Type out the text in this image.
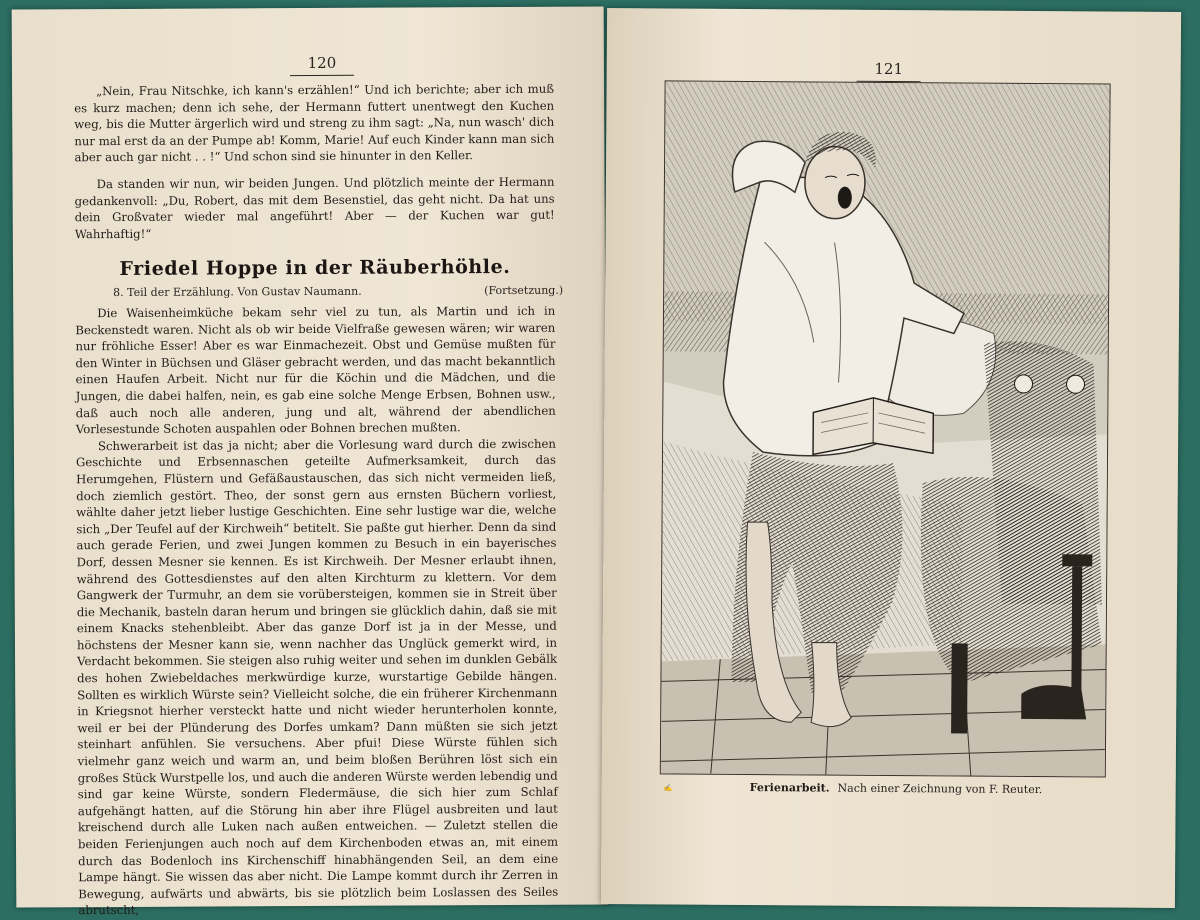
120

„Nein, Frau Nitschke, ich kann's erzählen!“ Und ich berichte; aber ich muß es kurz machen; denn ich sehe, der Hermann futtert unentwegt den Kuchen weg, bis die Mutter ärgerlich wird und streng zu ihm sagt: „Na, nun wasch' dich nur mal erst da an der Pumpe ab! Komm, Marie! Auf euch Kinder kann man sich aber auch gar nicht . . !“ Und schon sind sie hinunter in den Keller.

Da standen wir nun, wir beiden Jungen. Und plötzlich meinte der Hermann gedankenvoll: „Du, Robert, das mit dem Besenstiel, das geht nicht. Da hat uns dein Großvater wieder mal angeführt! Aber — der Kuchen war gut! Wahrhaftig!“

Friedel Hoppe in der Räuberhöhle.
8. Teil der Erzählung. Von Gustav Naumann.	(Fortsetzung.)

Die Waisenheimküche bekam sehr viel zu tun, als Martin und ich in Beckenstedt waren. Nicht als ob wir beide Vielfraße gewesen wären; wir waren nur fröhliche Esser! Aber es war Einmachezeit. Obst und Gemüse mußten für den Winter in Büchsen und Gläser gebracht werden, und das macht bekanntlich einen Haufen Arbeit. Nicht nur für die Köchin und die Mädchen, und die Jungen, die dabei halfen, nein, es gab eine solche Menge Erbsen, Bohnen usw., daß auch noch alle anderen, jung und alt, während der abendlichen Vorlesestunde Schoten auspahlen oder Bohnen brechen mußten.

Schwerarbeit ist das ja nicht; aber die Vorlesung ward durch die zwischen Geschichte und Erbsennaschen geteilte Aufmerksamkeit, durch das Herumgehen, Flüstern und Gefäßaustauschen, das sich nicht vermeiden ließ, doch ziemlich gestört. Theo, der sonst gern aus ernsten Büchern vorliest, wählte daher jetzt lieber lustige Geschichten. Eine sehr lustige war die, welche sich „Der Teufel auf der Kirchweih“ betitelt. Sie paßte gut hierher. Denn da sind auch gerade Ferien, und zwei Jungen kommen zu Besuch in ein bayerisches Dorf, dessen Mesner sie kennen. Es ist Kirchweih. Der Mesner erlaubt ihnen, während des Gottesdienstes auf den alten Kirchturm zu klettern. Vor dem Gangwerk der Turmuhr, an dem sie vorübersteigen, kommen sie in Streit über die Mechanik, basteln daran herum und bringen sie glücklich dahin, daß sie mit einem Knacks stehenbleibt. Aber das ganze Dorf ist ja in der Messe, und höchstens der Mesner kann sie, wenn nachher das Unglück gemerkt wird, in Verdacht bekommen. Sie steigen also ruhig weiter und sehen im dunklen Gebälk des hohen Zwiebeldaches merkwürdige kurze, wurstartige Gebilde hängen. Sollten es wirklich Würste sein? Vielleicht solche, die ein früherer Kirchenmann in Kriegsnot hierher versteckt hatte und nicht wieder herunterholen konnte, weil er bei der Plünderung des Dorfes umkam? Dann müßten sie sich jetzt steinhart anfühlen. Sie versuchens. Aber pfui! Diese Würste fühlen sich vielmehr ganz weich und warm an, und beim bloßen Berühren löst sich ein großes Stück Wurstpelle los, und auch die anderen Würste werden lebendig und sind gar keine Würste, sondern Fledermäuse, die sich hier zum Schlaf aufgehängt hatten, auf die Störung hin aber ihre Flügel ausbreiten und laut kreischend durch alle Luken nach außen entweichen. — Zuletzt stellen die beiden Ferienjungen auch noch auf dem Kirchenboden etwas an, mit einem durch das Bodenloch ins Kirchenschiff hinabhängenden Seil, an dem eine Lampe hängt. Sie wissen das aber nicht. Die Lampe kommt durch ihr Zerren in Bewegung, aufwärts und abwärts, bis sie plötzlich beim Loslassen des Seiles abrutscht,

121
✍	Ferienarbeit. Nach einer Zeichnung von F. Reuter.
